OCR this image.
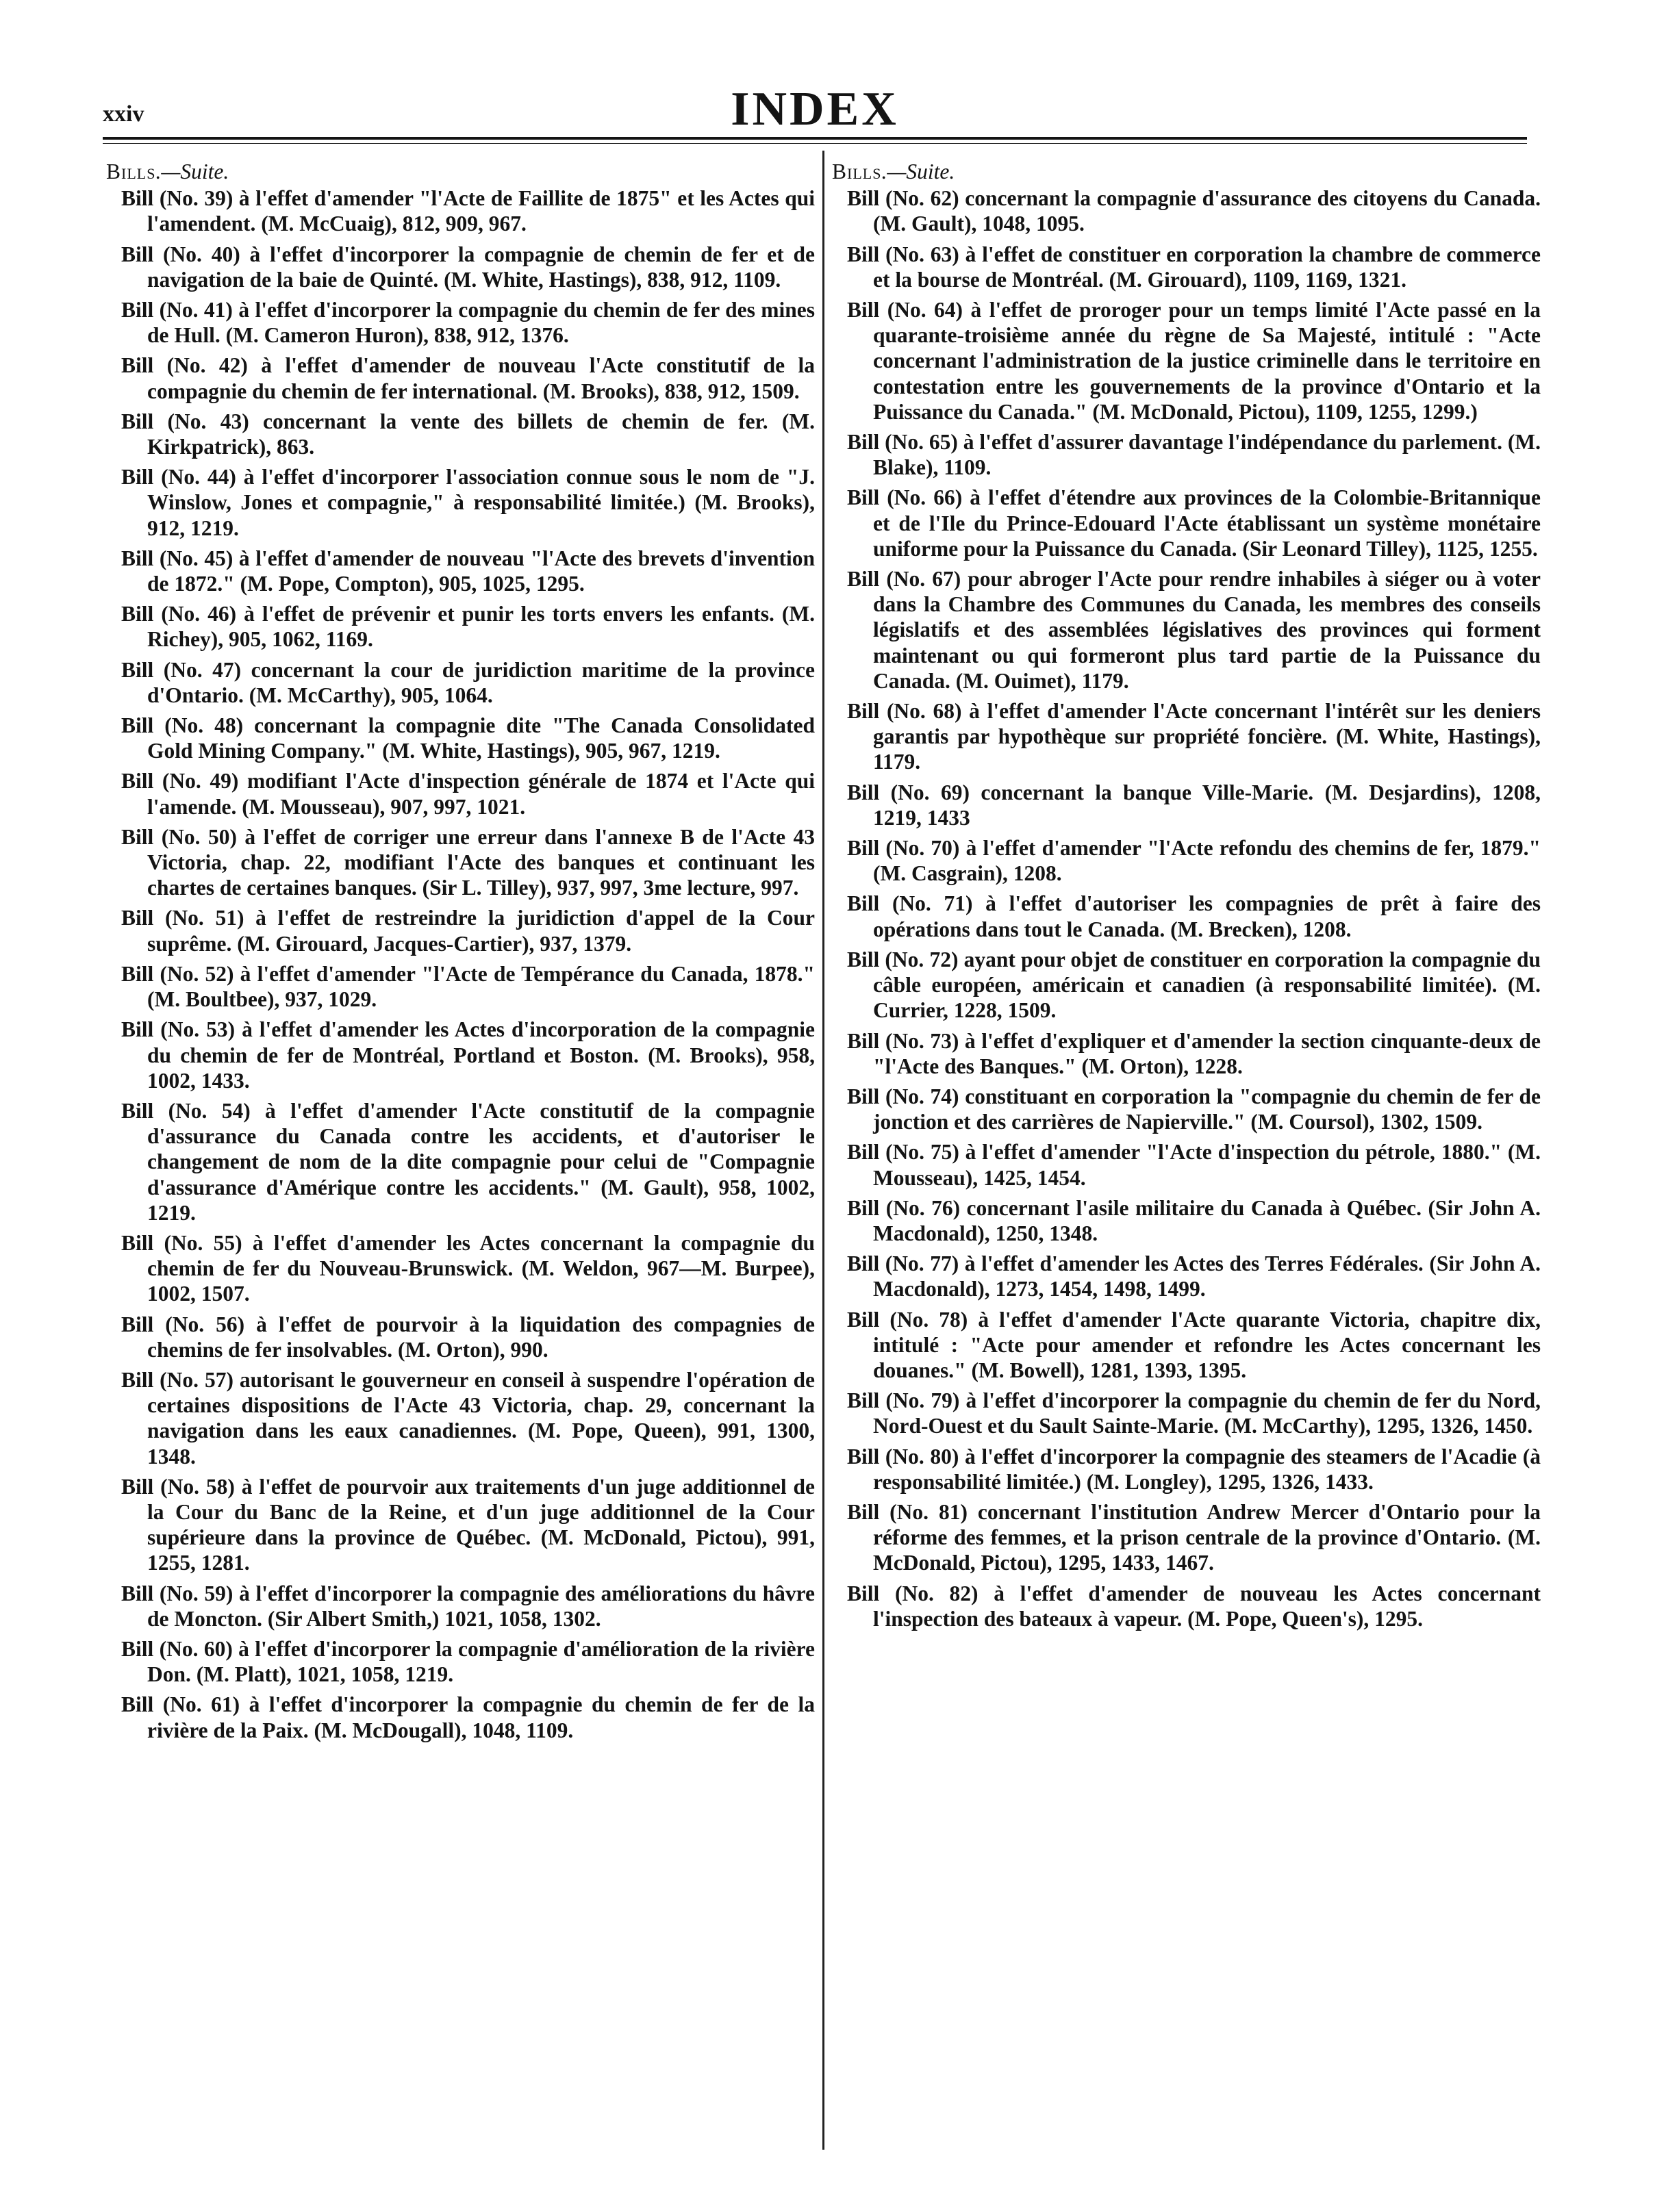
xxiv	INDEX
Bills.—Suite.

Bill (No. 39) à l'effet d'amender "l'Acte de Faillite de 1875" et les Actes qui l'amendent. (M. McCuaig), 812, 909, 967.

Bill (No. 40) à l'effet d'incorporer la compagnie de chemin de fer et de navigation de la baie de Quinté. (M. White, Hastings), 838, 912, 1109.

Bill (No. 41) à l'effet d'incorporer la compagnie du chemin de fer des mines de Hull. (M. Cameron Huron), 838, 912, 1376.

Bill (No. 42) à l'effet d'amender de nouveau l'Acte constitutif de la compagnie du chemin de fer international. (M. Brooks), 838, 912, 1509.

Bill (No. 43) concernant la vente des billets de chemin de fer. (M. Kirkpatrick), 863.

Bill (No. 44) à l'effet d'incorporer l'association connue sous le nom de "J. Winslow, Jones et compagnie," à responsabilité limitée.) (M. Brooks), 912, 1219.

Bill (No. 45) à l'effet d'amender de nouveau "l'Acte des brevets d'invention de 1872." (M. Pope, Compton), 905, 1025, 1295.

Bill (No. 46) à l'effet de prévenir et punir les torts envers les enfants. (M. Richey), 905, 1062, 1169.

Bill (No. 47) concernant la cour de juridiction maritime de la province d'Ontario. (M. McCarthy), 905, 1064.

Bill (No. 48) concernant la compagnie dite "The Canada Consolidated Gold Mining Company." (M. White, Hastings), 905, 967, 1219.

Bill (No. 49) modifiant l'Acte d'inspection générale de 1874 et l'Acte qui l'amende. (M. Mousseau), 907, 997, 1021.

Bill (No. 50) à l'effet de corriger une erreur dans l'annexe B de l'Acte 43 Victoria, chap. 22, modifiant l'Acte des banques et continuant les chartes de certaines banques. (Sir L. Tilley), 937, 997, 3me lecture, 997.

Bill (No. 51) à l'effet de restreindre la juridiction d'appel de la Cour suprême. (M. Girouard, Jacques-Cartier), 937, 1379.

Bill (No. 52) à l'effet d'amender "l'Acte de Tempérance du Canada, 1878." (M. Boultbee), 937, 1029.

Bill (No. 53) à l'effet d'amender les Actes d'incorporation de la compagnie du chemin de fer de Montréal, Portland et Boston. (M. Brooks), 958, 1002, 1433.

Bill (No. 54) à l'effet d'amender l'Acte constitutif de la compagnie d'assurance du Canada contre les accidents, et d'autoriser le changement de nom de la dite compagnie pour celui de "Compagnie d'assurance d'Amérique contre les accidents." (M. Gault), 958, 1002, 1219.

Bill (No. 55) à l'effet d'amender les Actes concernant la compagnie du chemin de fer du Nouveau-Brunswick. (M. Weldon, 967—M. Burpee), 1002, 1507.

Bill (No. 56) à l'effet de pourvoir à la liquidation des compagnies de chemins de fer insolvables. (M. Orton), 990.

Bill (No. 57) autorisant le gouverneur en conseil à suspendre l'opération de certaines dispositions de l'Acte 43 Victoria, chap. 29, concernant la navigation dans les eaux canadiennes. (M. Pope, Queen), 991, 1300, 1348.

Bill (No. 58) à l'effet de pourvoir aux traitements d'un juge additionnel de la Cour du Banc de la Reine, et d'un juge additionnel de la Cour supérieure dans la province de Québec. (M. McDonald, Pictou), 991, 1255, 1281.

Bill (No. 59) à l'effet d'incorporer la compagnie des améliorations du hâvre de Moncton. (Sir Albert Smith,) 1021, 1058, 1302.

Bill (No. 60) à l'effet d'incorporer la compagnie d'amélioration de la rivière Don. (M. Platt), 1021, 1058, 1219.

Bill (No. 61) à l'effet d'incorporer la compagnie du chemin de fer de la rivière de la Paix. (M. McDougall), 1048, 1109.

Bills.—Suite.

Bill (No. 62) concernant la compagnie d'assurance des citoyens du Canada. (M. Gault), 1048, 1095.

Bill (No. 63) à l'effet de constituer en corporation la chambre de commerce et la bourse de Montréal. (M. Girouard), 1109, 1169, 1321.

Bill (No. 64) à l'effet de proroger pour un temps limité l'Acte passé en la quarante-troisième année du règne de Sa Majesté, intitulé : "Acte concernant l'administration de la justice criminelle dans le territoire en contestation entre les gouvernements de la province d'Ontario et la Puissance du Canada." (M. McDonald, Pictou), 1109, 1255, 1299.)

Bill (No. 65) à l'effet d'assurer davantage l'indépendance du parlement. (M. Blake), 1109.

Bill (No. 66) à l'effet d'étendre aux provinces de la Colombie-Britannique et de l'Ile du Prince-Edouard l'Acte établissant un système monétaire uniforme pour la Puissance du Canada. (Sir Leonard Tilley), 1125, 1255.

Bill (No. 67) pour abroger l'Acte pour rendre inhabiles à siéger ou à voter dans la Chambre des Communes du Canada, les membres des conseils législatifs et des assemblées législatives des provinces qui forment maintenant ou qui formeront plus tard partie de la Puissance du Canada. (M. Ouimet), 1179.

Bill (No. 68) à l'effet d'amender l'Acte concernant l'intérêt sur les deniers garantis par hypothèque sur propriété foncière. (M. White, Hastings), 1179.

Bill (No. 69) concernant la banque Ville-Marie. (M. Desjardins), 1208, 1219, 1433

Bill (No. 70) à l'effet d'amender "l'Acte refondu des chemins de fer, 1879." (M. Casgrain), 1208.

Bill (No. 71) à l'effet d'autoriser les compagnies de prêt à faire des opérations dans tout le Canada. (M. Brecken), 1208.

Bill (No. 72) ayant pour objet de constituer en corporation la compagnie du câble européen, américain et canadien (à responsabilité limitée). (M. Currier, 1228, 1509.

Bill (No. 73) à l'effet d'expliquer et d'amender la section cinquante-deux de "l'Acte des Banques." (M. Orton), 1228.

Bill (No. 74) constituant en corporation la "compagnie du chemin de fer de jonction et des carrières de Napierville." (M. Coursol), 1302, 1509.

Bill (No. 75) à l'effet d'amender "l'Acte d'inspection du pétrole, 1880." (M. Mousseau), 1425, 1454.

Bill (No. 76) concernant l'asile militaire du Canada à Québec. (Sir John A. Macdonald), 1250, 1348.

Bill (No. 77) à l'effet d'amender les Actes des Terres Fédérales. (Sir John A. Macdonald), 1273, 1454, 1498, 1499.

Bill (No. 78) à l'effet d'amender l'Acte quarante Victoria, chapitre dix, intitulé : "Acte pour amender et refondre les Actes concernant les douanes." (M. Bowell), 1281, 1393, 1395.

Bill (No. 79) à l'effet d'incorporer la compagnie du chemin de fer du Nord, Nord-Ouest et du Sault Sainte-Marie. (M. McCarthy), 1295, 1326, 1450.

Bill (No. 80) à l'effet d'incorporer la compagnie des steamers de l'Acadie (à responsabilité limitée.) (M. Longley), 1295, 1326, 1433.

Bill (No. 81) concernant l'institution Andrew Mercer d'Ontario pour la réforme des femmes, et la prison centrale de la province d'Ontario. (M. McDonald, Pictou), 1295, 1433, 1467.

Bill (No. 82) à l'effet d'amender de nouveau les Actes concernant l'inspection des bateaux à vapeur. (M. Pope, Queen's), 1295.
